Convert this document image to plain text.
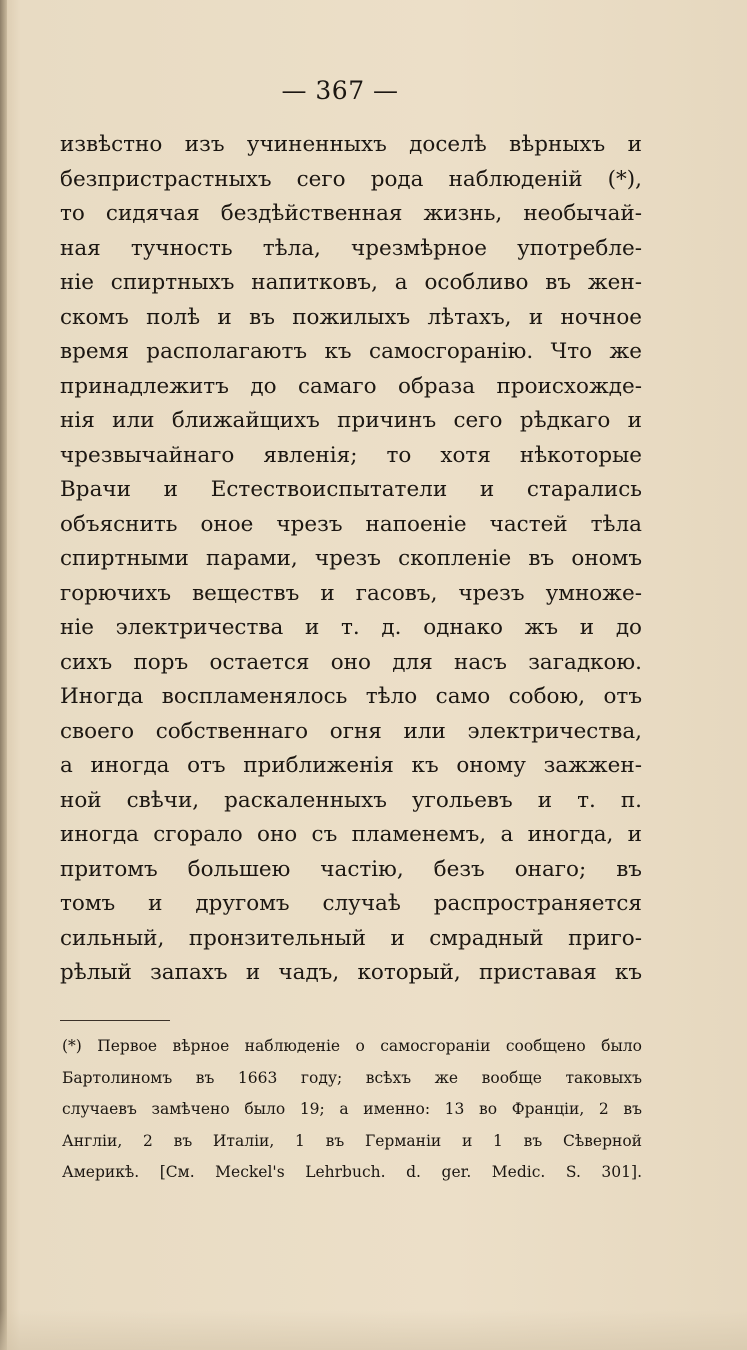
— 367 —
извѣстно изъ учиненныхъ доселѣ вѣрныхъ и
безпристрастныхъ сего рода наблюденій (*),
то сидячая бездѣйственная жизнь, необычай-
ная тучность тѣла, чрезмѣрное употребле-
ніе спиртныхъ напитковъ, а особливо въ жен-
скомъ полѣ и въ пожилыхъ лѣтахъ, и ночное
время располагаютъ къ самосгоранію. Что же
принадлежитъ до самаго образа происхожде-
нія или ближайщихъ причинъ сего рѣдкаго и
чрезвычайнаго явленія; то хотя нѣкоторые
Врачи и Естествоиспытатели и старались
объяснить оное чрезъ напоеніе частей тѣла
спиртными парами, чрезъ скопленіе въ ономъ
горючихъ веществъ и гасовъ, чрезъ умноже-
ніе электричества и т. д. однако жъ и до
сихъ поръ остается оно для насъ загадкою.
Иногда воспламенялось тѣло само собою, отъ
своего собственнаго огня или электричества,
а иногда отъ приближенія къ оному зажжен-
ной свѣчи, раскаленныхъ угольевъ и т. п.
иногда сгорало оно съ пламенемъ, а иногда, и
притомъ большею частію, безъ онаго; въ
томъ и другомъ случаѣ распространяется
сильный, пронзительный и смрадный приго-
рѣлый запахъ и чадъ, который, приставая къ
(*) Первое вѣрное наблюденіе о самосгораніи сообщено было
Бартолиномъ въ 1663 году; всѣхъ же вообще таковыхъ
случаевъ замѣчено было 19; а именно: 13 во Франціи, 2 въ
Англіи, 2 въ Италіи, 1 въ Германіи и 1 въ Сѣверной
Америкѣ. [См. Meckel's Lehrbuch. d. ger. Medic. S. 301].
